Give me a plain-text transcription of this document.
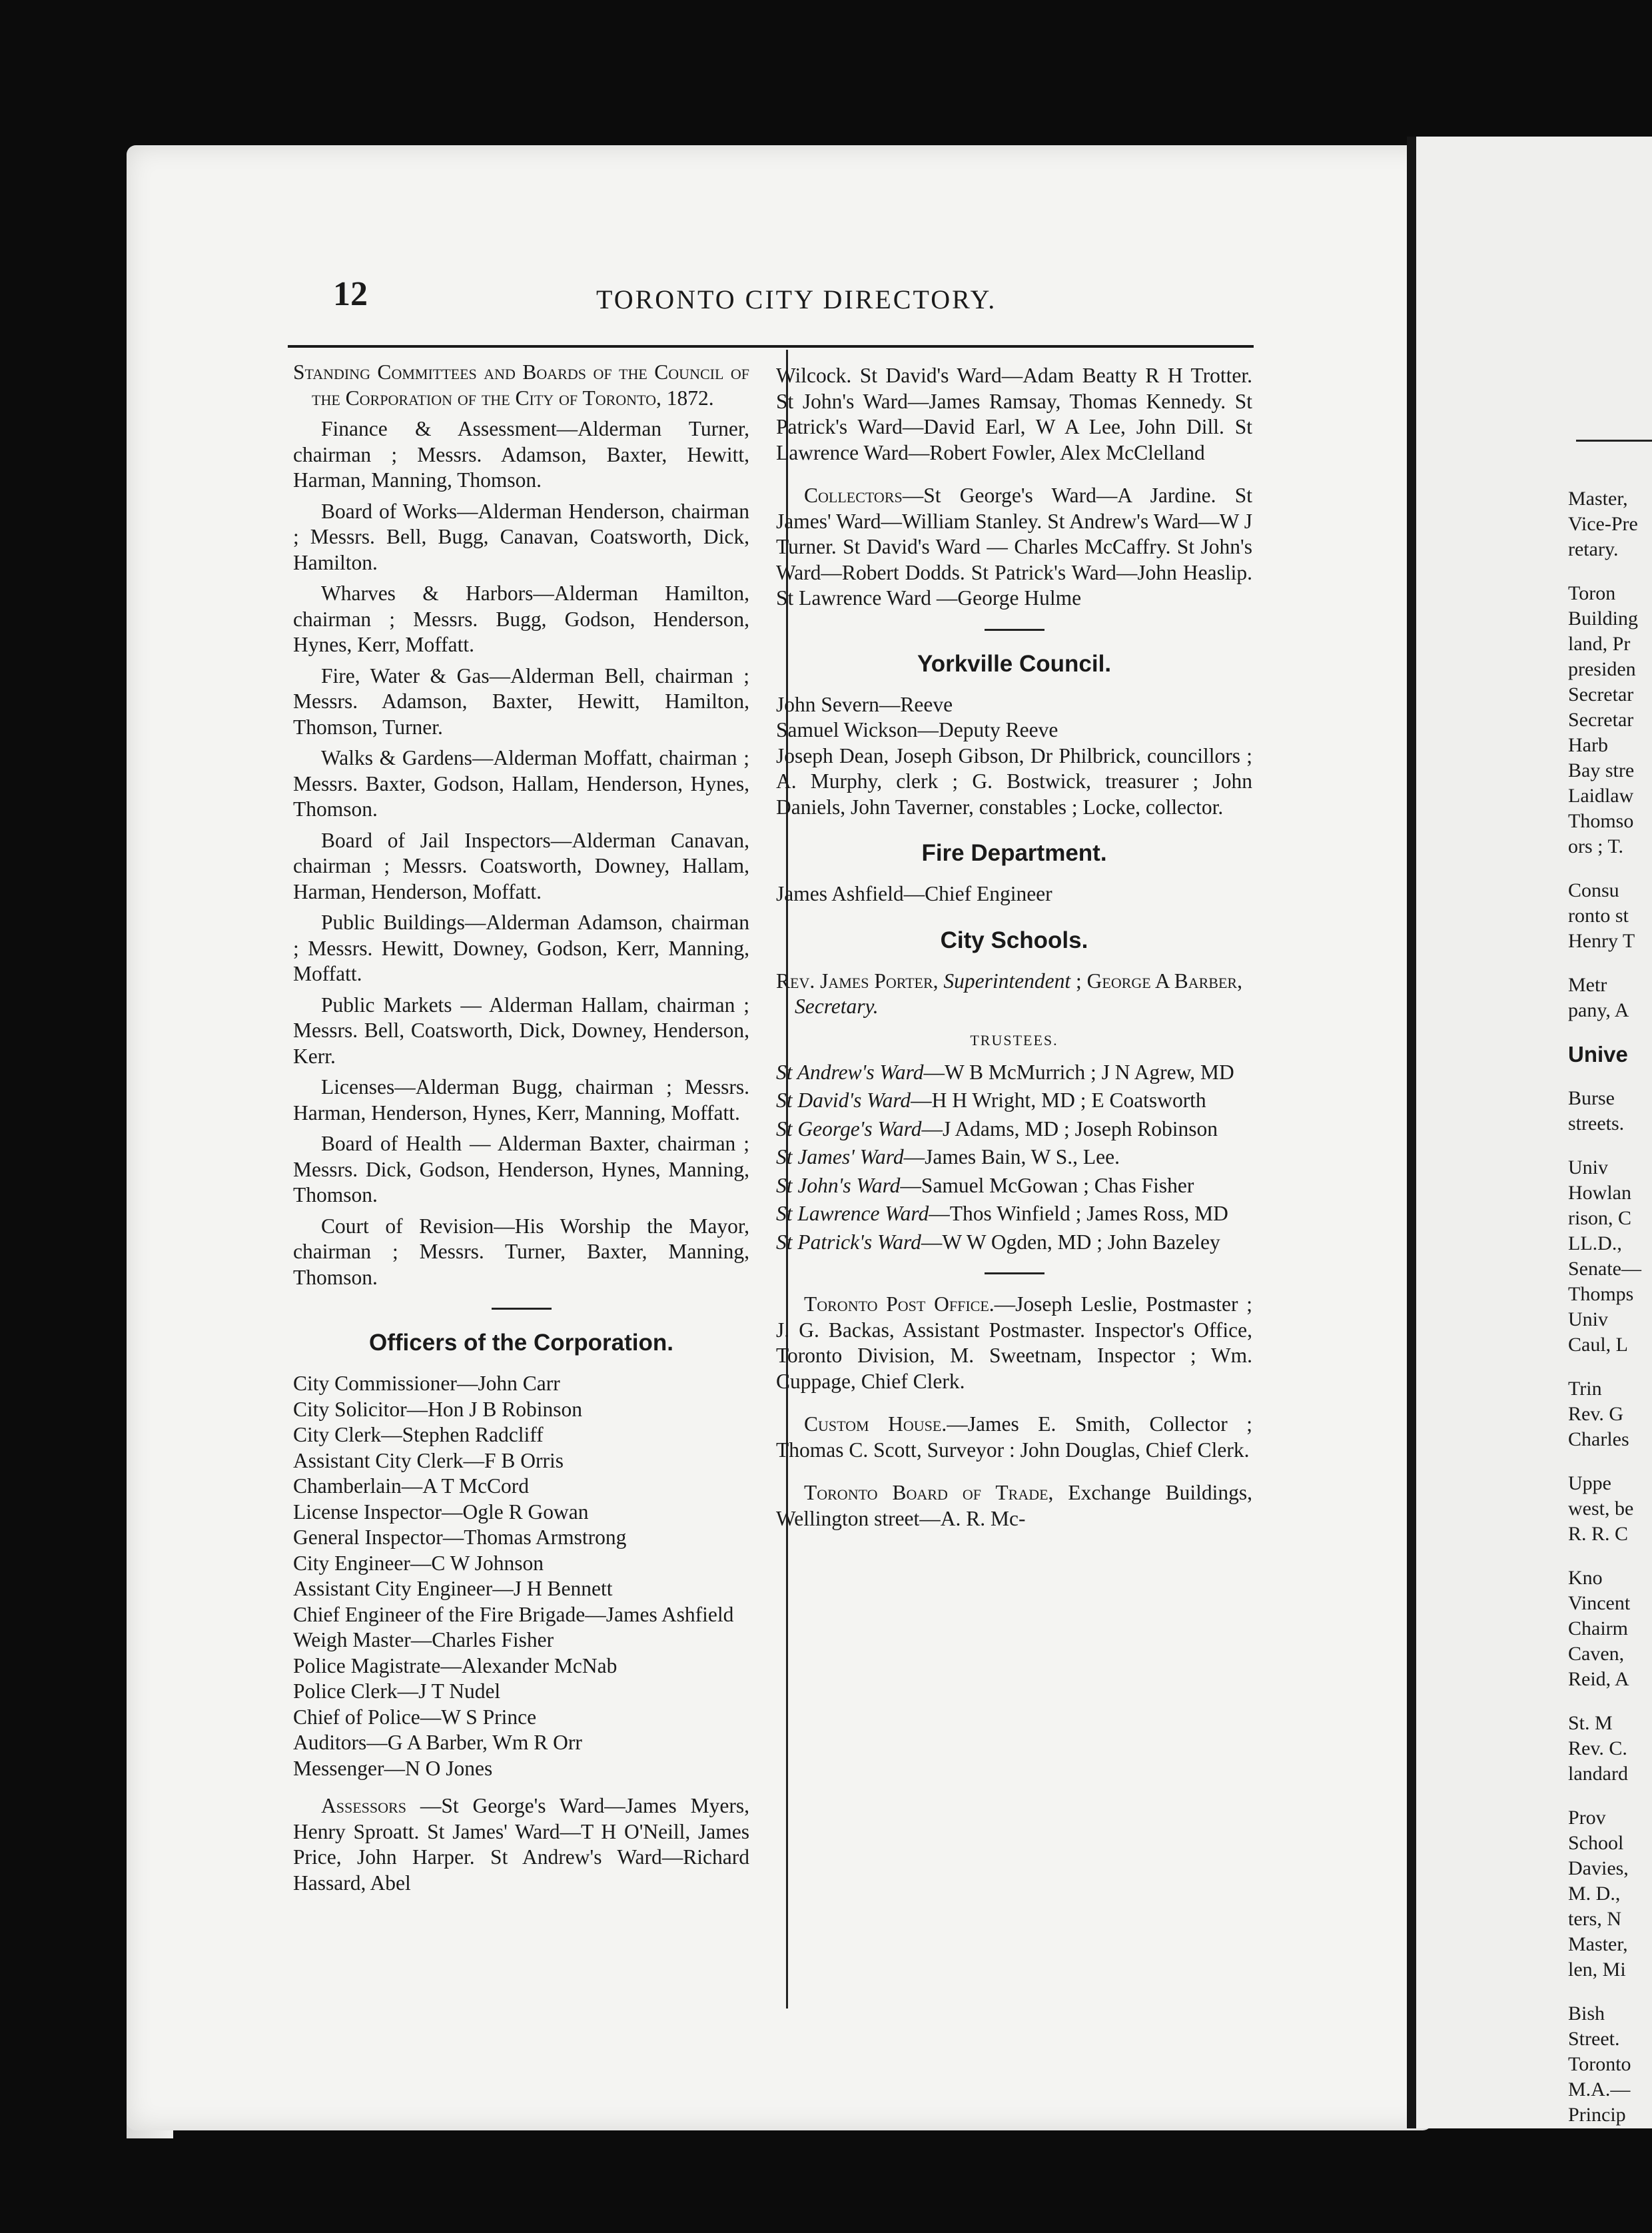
Master,
Vice-Pre
retary.
Toron
Building
land, Pr
presiden
Secretar
Secretar
Harb
Bay stre
Laidlaw
Thomso
ors ; T.
Consu
ronto st
Henry T
Metr
pany, A
Unive
Burse
streets.
Univ
Howlan
rison, C
LL.D.,
Senate—
Thomps
Univ
Caul, L
Trin
Rev. G
Charles
Uppe
west, be
R. R. C
Kno
Vincent
Chairm
Caven,
Reid, A
St. M
Rev. C.
landard
Prov
School
Davies,
M. D.,
ters, N
Master,
len, Mi
Bish
Street.
Toronto
M.A.—
Princip
12	TORONTO CITY DIRECTORY.

Standing Committees and Boards of the Council of the Corporation of the City of Toronto, 1872.

Finance & Assessment—Alderman Turner, chairman ; Messrs. Adamson, Baxter, Hewitt, Harman, Manning, Thomson.

Board of Works—Alderman Henderson, chairman ; Messrs. Bell, Bugg, Canavan, Coatsworth, Dick, Hamilton.

Wharves & Harbors—Alderman Hamilton, chairman ; Messrs. Bugg, Godson, Henderson, Hynes, Kerr, Moffatt.

Fire, Water & Gas—Alderman Bell, chairman ; Messrs. Adamson, Baxter, Hewitt, Hamilton, Thomson, Turner.

Walks & Gardens—Alderman Moffatt, chairman ; Messrs. Baxter, Godson, Hallam, Henderson, Hynes, Thomson.

Board of Jail Inspectors—Alderman Canavan, chairman ; Messrs. Coatsworth, Downey, Hallam, Harman, Henderson, Moffatt.

Public Buildings—Alderman Adamson, chairman ; Messrs. Hewitt, Downey, Godson, Kerr, Manning, Moffatt.

Public Markets — Alderman Hallam, chairman ; Messrs. Bell, Coatsworth, Dick, Downey, Henderson, Kerr.

Licenses—Alderman Bugg, chairman ; Messrs. Harman, Henderson, Hynes, Kerr, Manning, Moffatt.

Board of Health — Alderman Baxter, chairman ; Messrs. Dick, Godson, Henderson, Hynes, Manning, Thomson.

Court of Revision—His Worship the Mayor, chairman ; Messrs. Turner, Baxter, Manning, Thomson.

Officers of the Corporation.

City Commissioner—John Carr

City Solicitor—Hon J B Robinson

City Clerk—Stephen Radcliff

Assistant City Clerk—F B Orris

Chamberlain—A T McCord

License Inspector—Ogle R Gowan

General Inspector—Thomas Armstrong

City Engineer—C W Johnson

Assistant City Engineer—J H Bennett

Chief Engineer of the Fire Brigade—James Ashfield

Weigh Master—Charles Fisher

Police Magistrate—Alexander McNab

Police Clerk—J T Nudel

Chief of Police—W S Prince

Auditors—G A Barber, Wm R Orr

Messenger—N O Jones

Assessors —St George's Ward—James Myers, Henry Sproatt. St James' Ward—T H O'Neill, James Price, John Harper. St Andrew's Ward—Richard Hassard, Abel

Wilcock. St David's Ward—Adam Beatty R H Trotter. St John's Ward—James Ramsay, Thomas Kennedy. St Patrick's Ward—David Earl, W A Lee, John Dill. St Lawrence Ward—Robert Fowler, Alex McClelland

Collectors—St George's Ward—A Jardine. St James' Ward—William Stanley. St Andrew's Ward—W J Turner. St David's Ward — Charles McCaffry. St John's Ward—Robert Dodds. St Patrick's Ward—John Heaslip. St Lawrence Ward —George Hulme

Yorkville Council.

John Severn—Reeve

Samuel Wickson—Deputy Reeve

Joseph Dean, Joseph Gibson, Dr Philbrick, councillors ; A. Murphy, clerk ; G. Bostwick, treasurer ; John Daniels, John Taverner, constables ; Locke, collector.

Fire Department.

James Ashfield—Chief Engineer

City Schools.

Rev. James Porter, Superintendent ; George A Barber, Secretary.

TRUSTEES.

St Andrew's Ward—W B McMurrich ; J N Agrew, MD

St David's Ward—H H Wright, MD ; E Coatsworth

St George's Ward—J Adams, MD ; Joseph Robinson

St James' Ward—James Bain, W S., Lee.

St John's Ward—Samuel McGowan ; Chas Fisher

St Lawrence Ward—Thos Winfield ; James Ross, MD

St Patrick's Ward—W W Ogden, MD ; John Bazeley

Toronto Post Office.—Joseph Leslie, Postmaster ; J. G. Backas, Assistant Postmaster. Inspector's Office, Toronto Division, M. Sweetnam, Inspector ; Wm. Cuppage, Chief Clerk.

Custom House.—James E. Smith, Collector ; Thomas C. Scott, Surveyor : John Douglas, Chief Clerk.

Toronto Board of Trade, Exchange Buildings, Wellington street—A. R. Mc-
